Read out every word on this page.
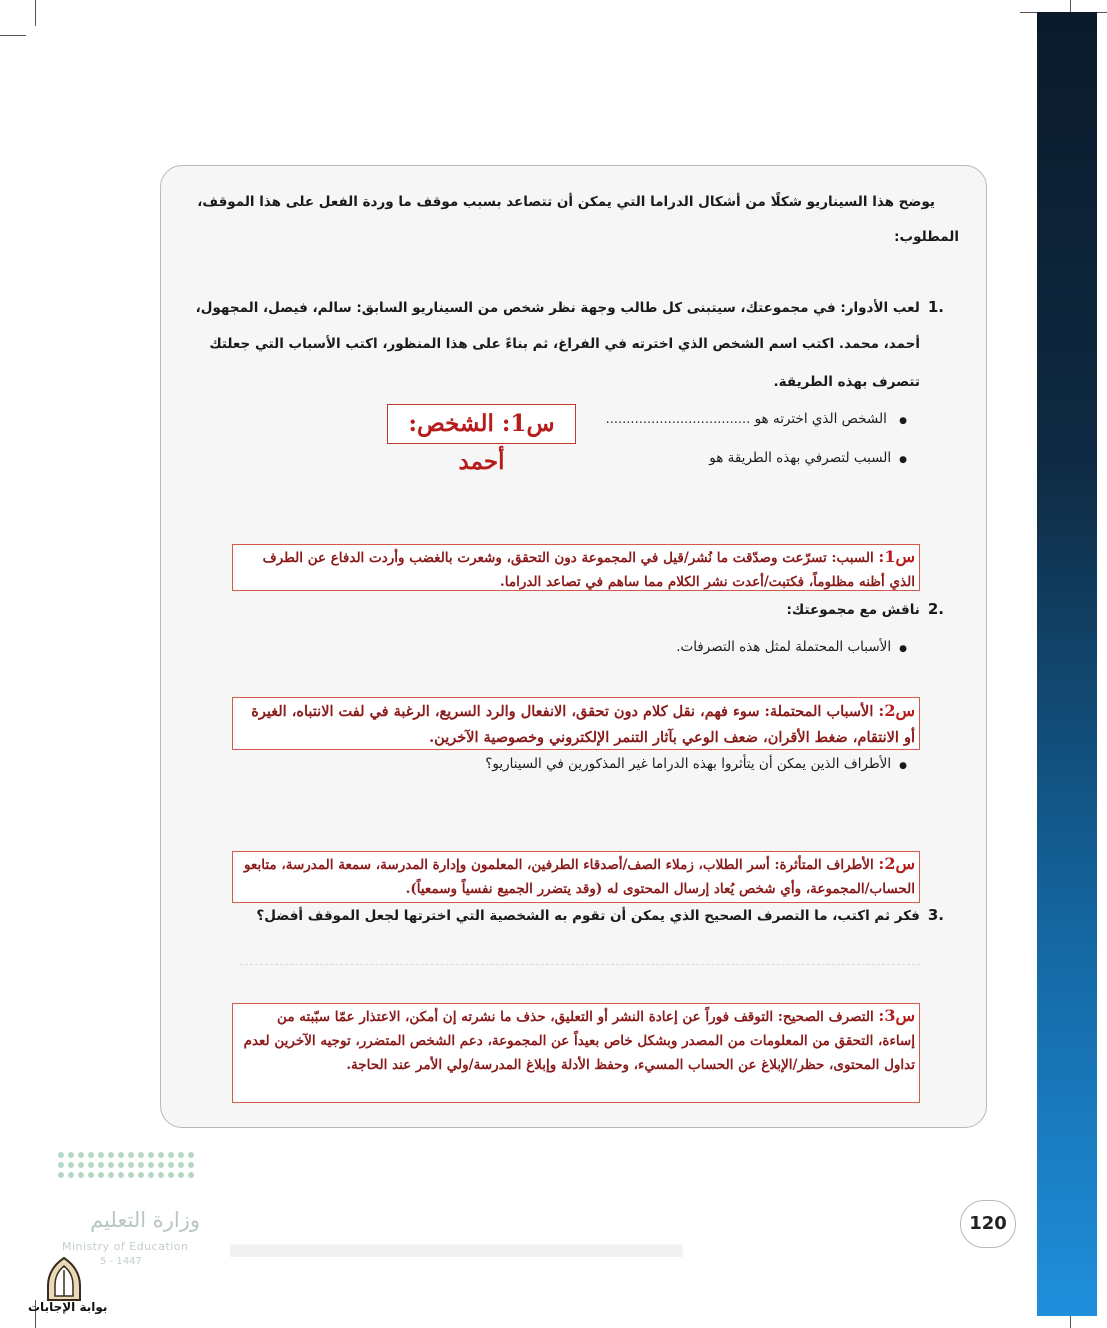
ـــــــــــ
يوضح هذا السيناريو شكلًا من أشكال الدراما التي يمكن أن تتصاعد بسبب موقف ما وردة الفعل على هذا الموقف،
المطلوب:
.1لعب الأدوار: في مجموعتك، سيتبنى كل طالب وجهة نظر شخص من السيناريو السابق: سالم، فيصل، المجهول،
أحمد، محمد. اكتب اسم الشخص الذي اخترته في الفراغ، ثم بناءً على هذا المنظور، اكتب الأسباب التي جعلتك
تتصرف بهذه الطريقة.
● الشخص الذي اخترته هو ...................................
س1: الشخص: أحمد
●	السبب لتصرفي بهذه الطريقة هو
س1: السبب: تسرّعت وصدّقت ما نُشر/قيل في المجموعة دون التحقق، وشعرت بالغضب وأردت الدفاع عن الطرف الذي أظنه مظلوماً، فكتبت/أعدت نشر الكلام مما ساهم في تصاعد الدراما.
.2ناقش مع مجموعتك:
● الأسباب المحتملة لمثل هذه التصرفات.
س2: الأسباب المحتملة: سوء فهم، نقل كلام دون تحقق، الانفعال والرد السريع، الرغبة في لفت الانتباه، الغيرة أو الانتقام، ضغط الأقران، ضعف الوعي بآثار التنمر الإلكتروني وخصوصية الآخرين.
● الأطراف الذين يمكن أن يتأثروا بهذه الدراما غير المذكورين في السيناريو؟
س2: الأطراف المتأثرة: أسر الطلاب، زملاء الصف/أصدقاء الطرفين، المعلمون وإدارة المدرسة، سمعة المدرسة، متابعو الحساب/المجموعة، وأي شخص يُعاد إرسال المحتوى له (وقد يتضرر الجميع نفسياً وسمعياً).
.3فكر ثم اكتب، ما التصرف الصحيح الذي يمكن أن تقوم به الشخصية التي اخترتها لجعل الموقف أفضل؟
س3: التصرف الصحيح: التوقف فوراً عن إعادة النشر أو التعليق، حذف ما نشرته إن أمكن، الاعتذار عمّا سبّبته من إساءة، التحقق من المعلومات من المصدر وبشكل خاص بعيداً عن المجموعة، دعم الشخص المتضرر، توجيه الآخرين لعدم تداول المحتوى، حظر/الإبلاغ عن الحساب المسيء، وحفظ الأدلة وإبلاغ المدرسة/ولي الأمر عند الحاجة.
وزارة التعليم
Ministry of Education
5 - 1447
بوابة الإجابات
120
